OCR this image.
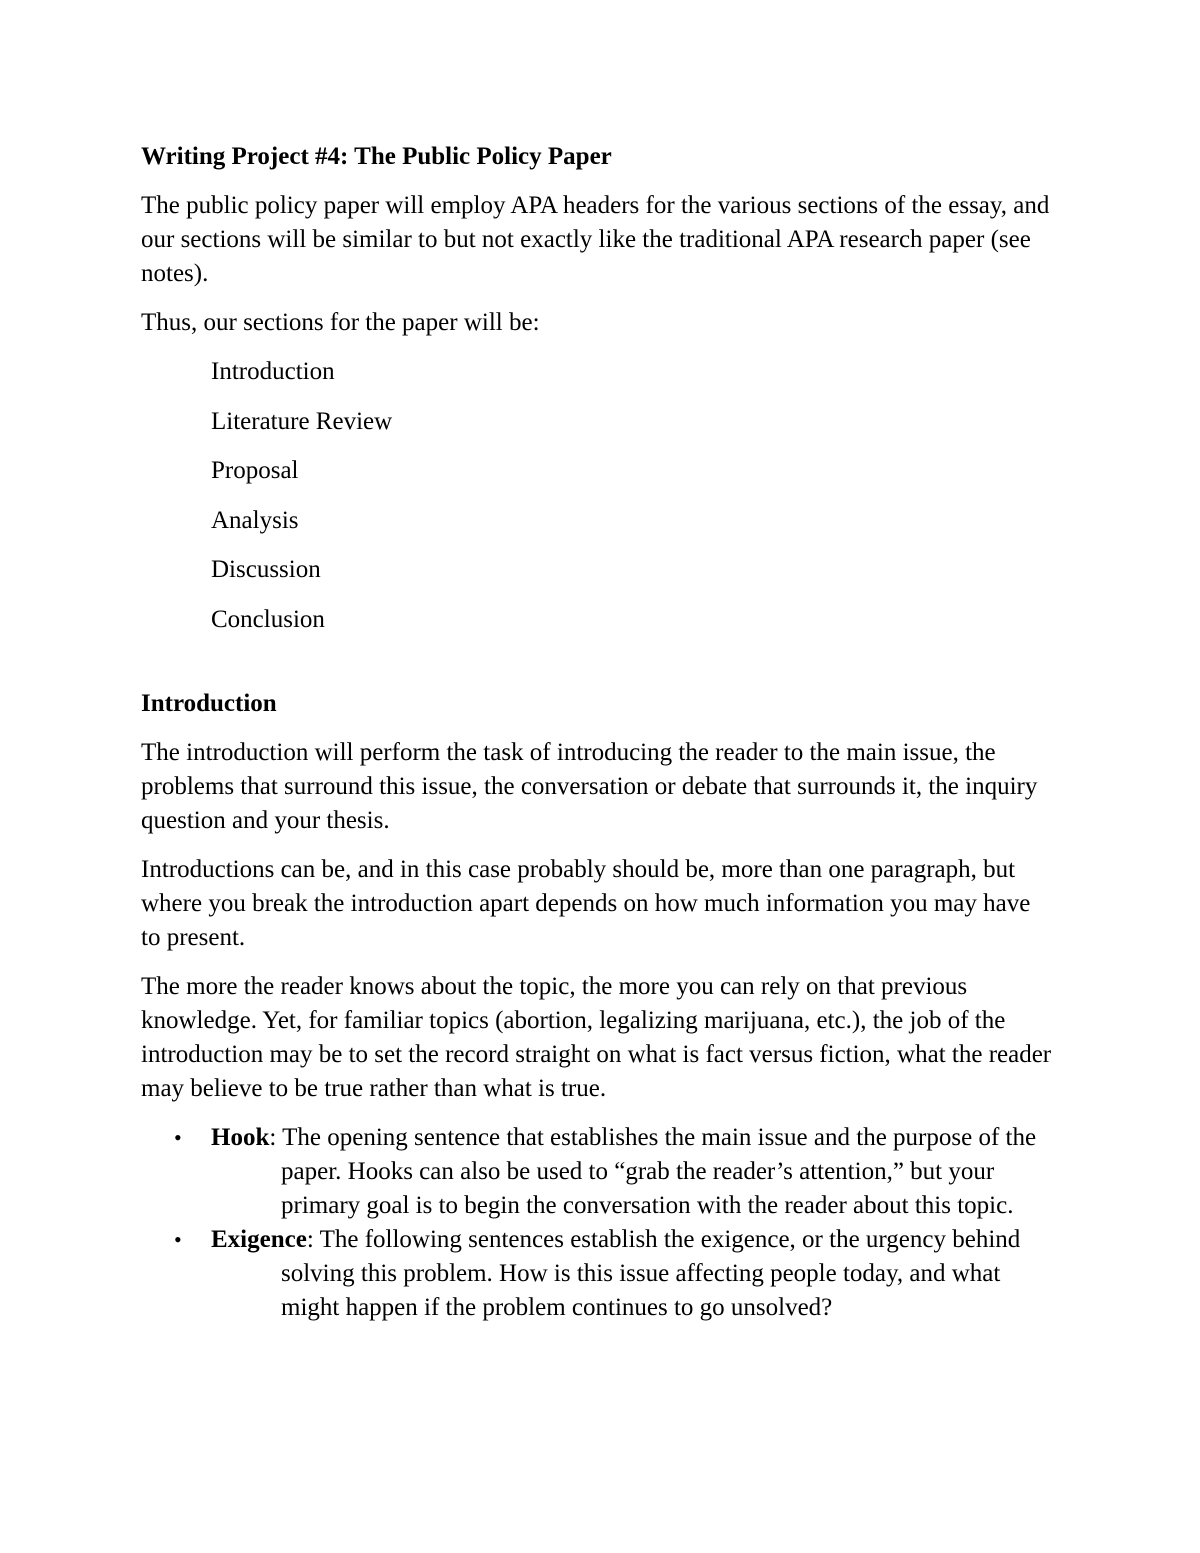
Writing Project #4: The Public Policy Paper

The public policy paper will employ APA headers for the various sections of the essay, and our sections will be similar to but not exactly like the traditional APA research paper (see notes).

Thus, our sections for the paper will be:

Introduction
Literature Review
Proposal
Analysis
Discussion
Conclusion
Introduction

The introduction will perform the task of introducing the reader to the main issue, the problems that surround this issue, the conversation or debate that surrounds it, the inquiry question and your thesis.

Introductions can be, and in this case probably should be, more than one paragraph, but where you break the introduction apart depends on how much information you may have to present.

The more the reader knows about the topic, the more you can rely on that previous knowledge. Yet, for familiar topics (abortion, legalizing marijuana, etc.), the job of the introduction may be to set the record straight on what is fact versus fiction, what the reader may believe to be true rather than what is true.

• Hook: The opening sentence that establishes the main issue and the purpose of the paper. Hooks can also be used to “grab the reader’s attention,” but your primary goal is to begin the conversation with the reader about this topic.
• Exigence: The following sentences establish the exigence, or the urgency behind solving this problem. How is this issue affecting people today, and what might happen if the problem continues to go unsolved?
